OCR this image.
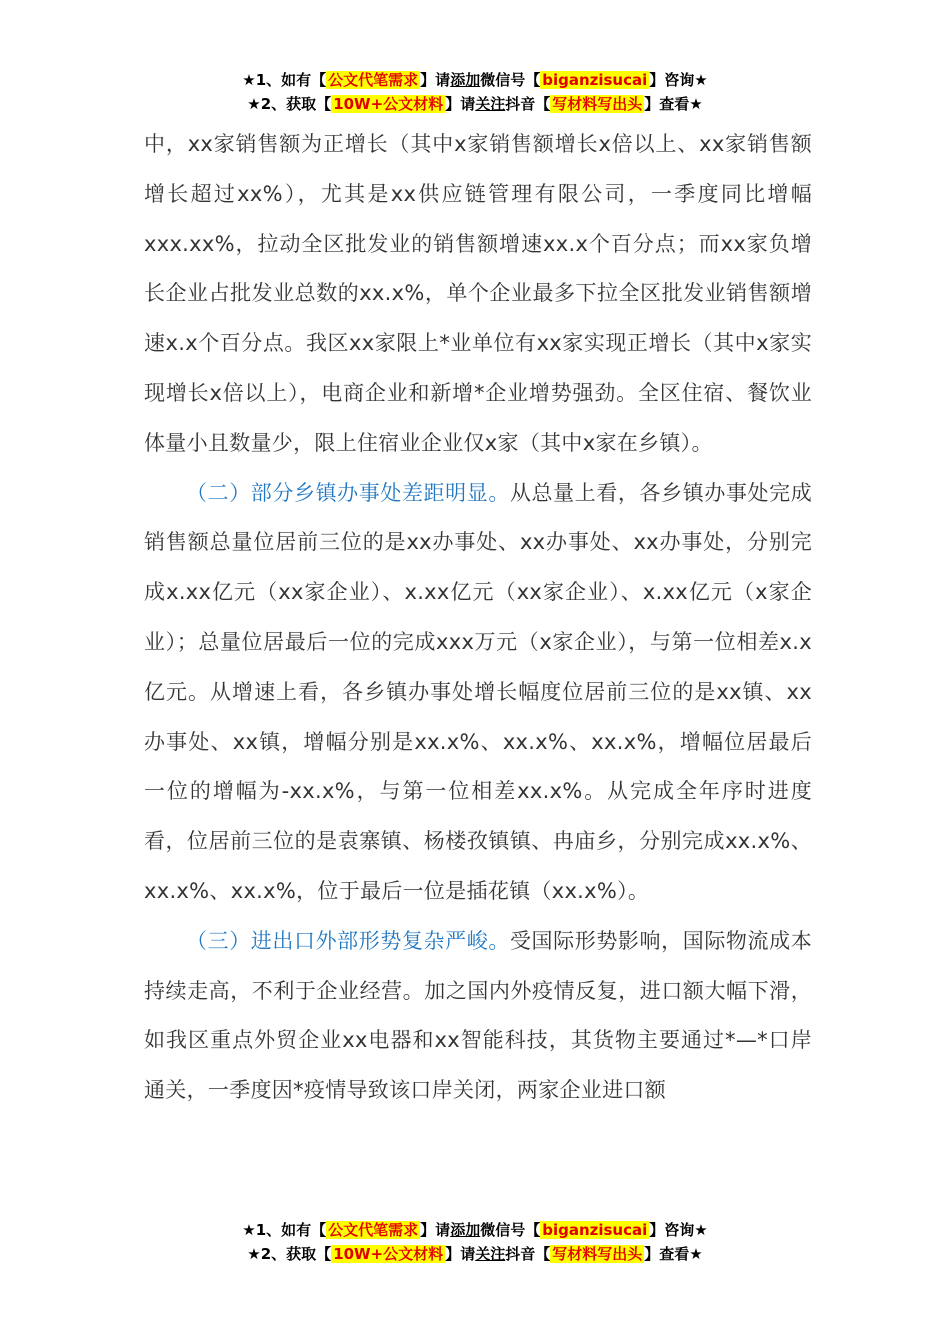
★1、如有【 公文代笔需求 】请添加微信号【 biganzisucai 】咨询★
★2、获取【 10W+公文材料 】请关注抖音【 写材料写出头 】查看★

中，xx家销售额为正增长（其中x家销售额增长x倍以上、xx家销售额增长超过xx%），尤其是xx供应链管理有限公司，一季度同比增幅xxx.xx%，拉动全区批发业的销售额增速xx.x个百分点；而xx家负增长企业占批发业总数的xx.x%，单个企业最多下拉全区批发业销售额增速x.x个百分点。我区xx家限上*业单位有xx家实现正增长（其中x家实现增长x倍以上），电商企业和新增*企业增势强劲。全区住宿、餐饮业体量小且数量少，限上住宿业企业仅x家（其中x家在乡镇）。

（二）部分乡镇办事处差距明显。从总量上看，各乡镇办事处完成销售额总量位居前三位的是xx办事处、xx办事处、xx办事处，分别完成x.xx亿元（xx家企业）、x.xx亿元（xx家企业）、x.xx亿元（x家企业）；总量位居最后一位的完成xxx万元（x家企业），与第一位相差x.x亿元。从增速上看，各乡镇办事处增长幅度位居前三位的是xx镇、xx办事处、xx镇，增幅分别是xx.x%、xx.x%、xx.x%，增幅位居最后一位的增幅为-xx.x%，与第一位相差xx.x%。从完成全年序时进度看，位居前三位的是袁寨镇、杨楼孜镇镇、冉庙乡，分别完成xx.x%、xx.x%、xx.x%，位于最后一位是插花镇（xx.x%）。

（三）进出口外部形势复杂严峻。受国际形势影响，国际物流成本持续走高，不利于企业经营。加之国内外疫情反复，进口额大幅下滑，如我区重点外贸企业xx电器和xx智能科技，其货物主要通过*—*口岸通关，一季度因*疫情导致该口岸关闭，两家企业进口额

★1、如有【 公文代笔需求 】请添加微信号【 biganzisucai 】咨询★
★2、获取【 10W+公文材料 】请关注抖音【 写材料写出头 】查看★
